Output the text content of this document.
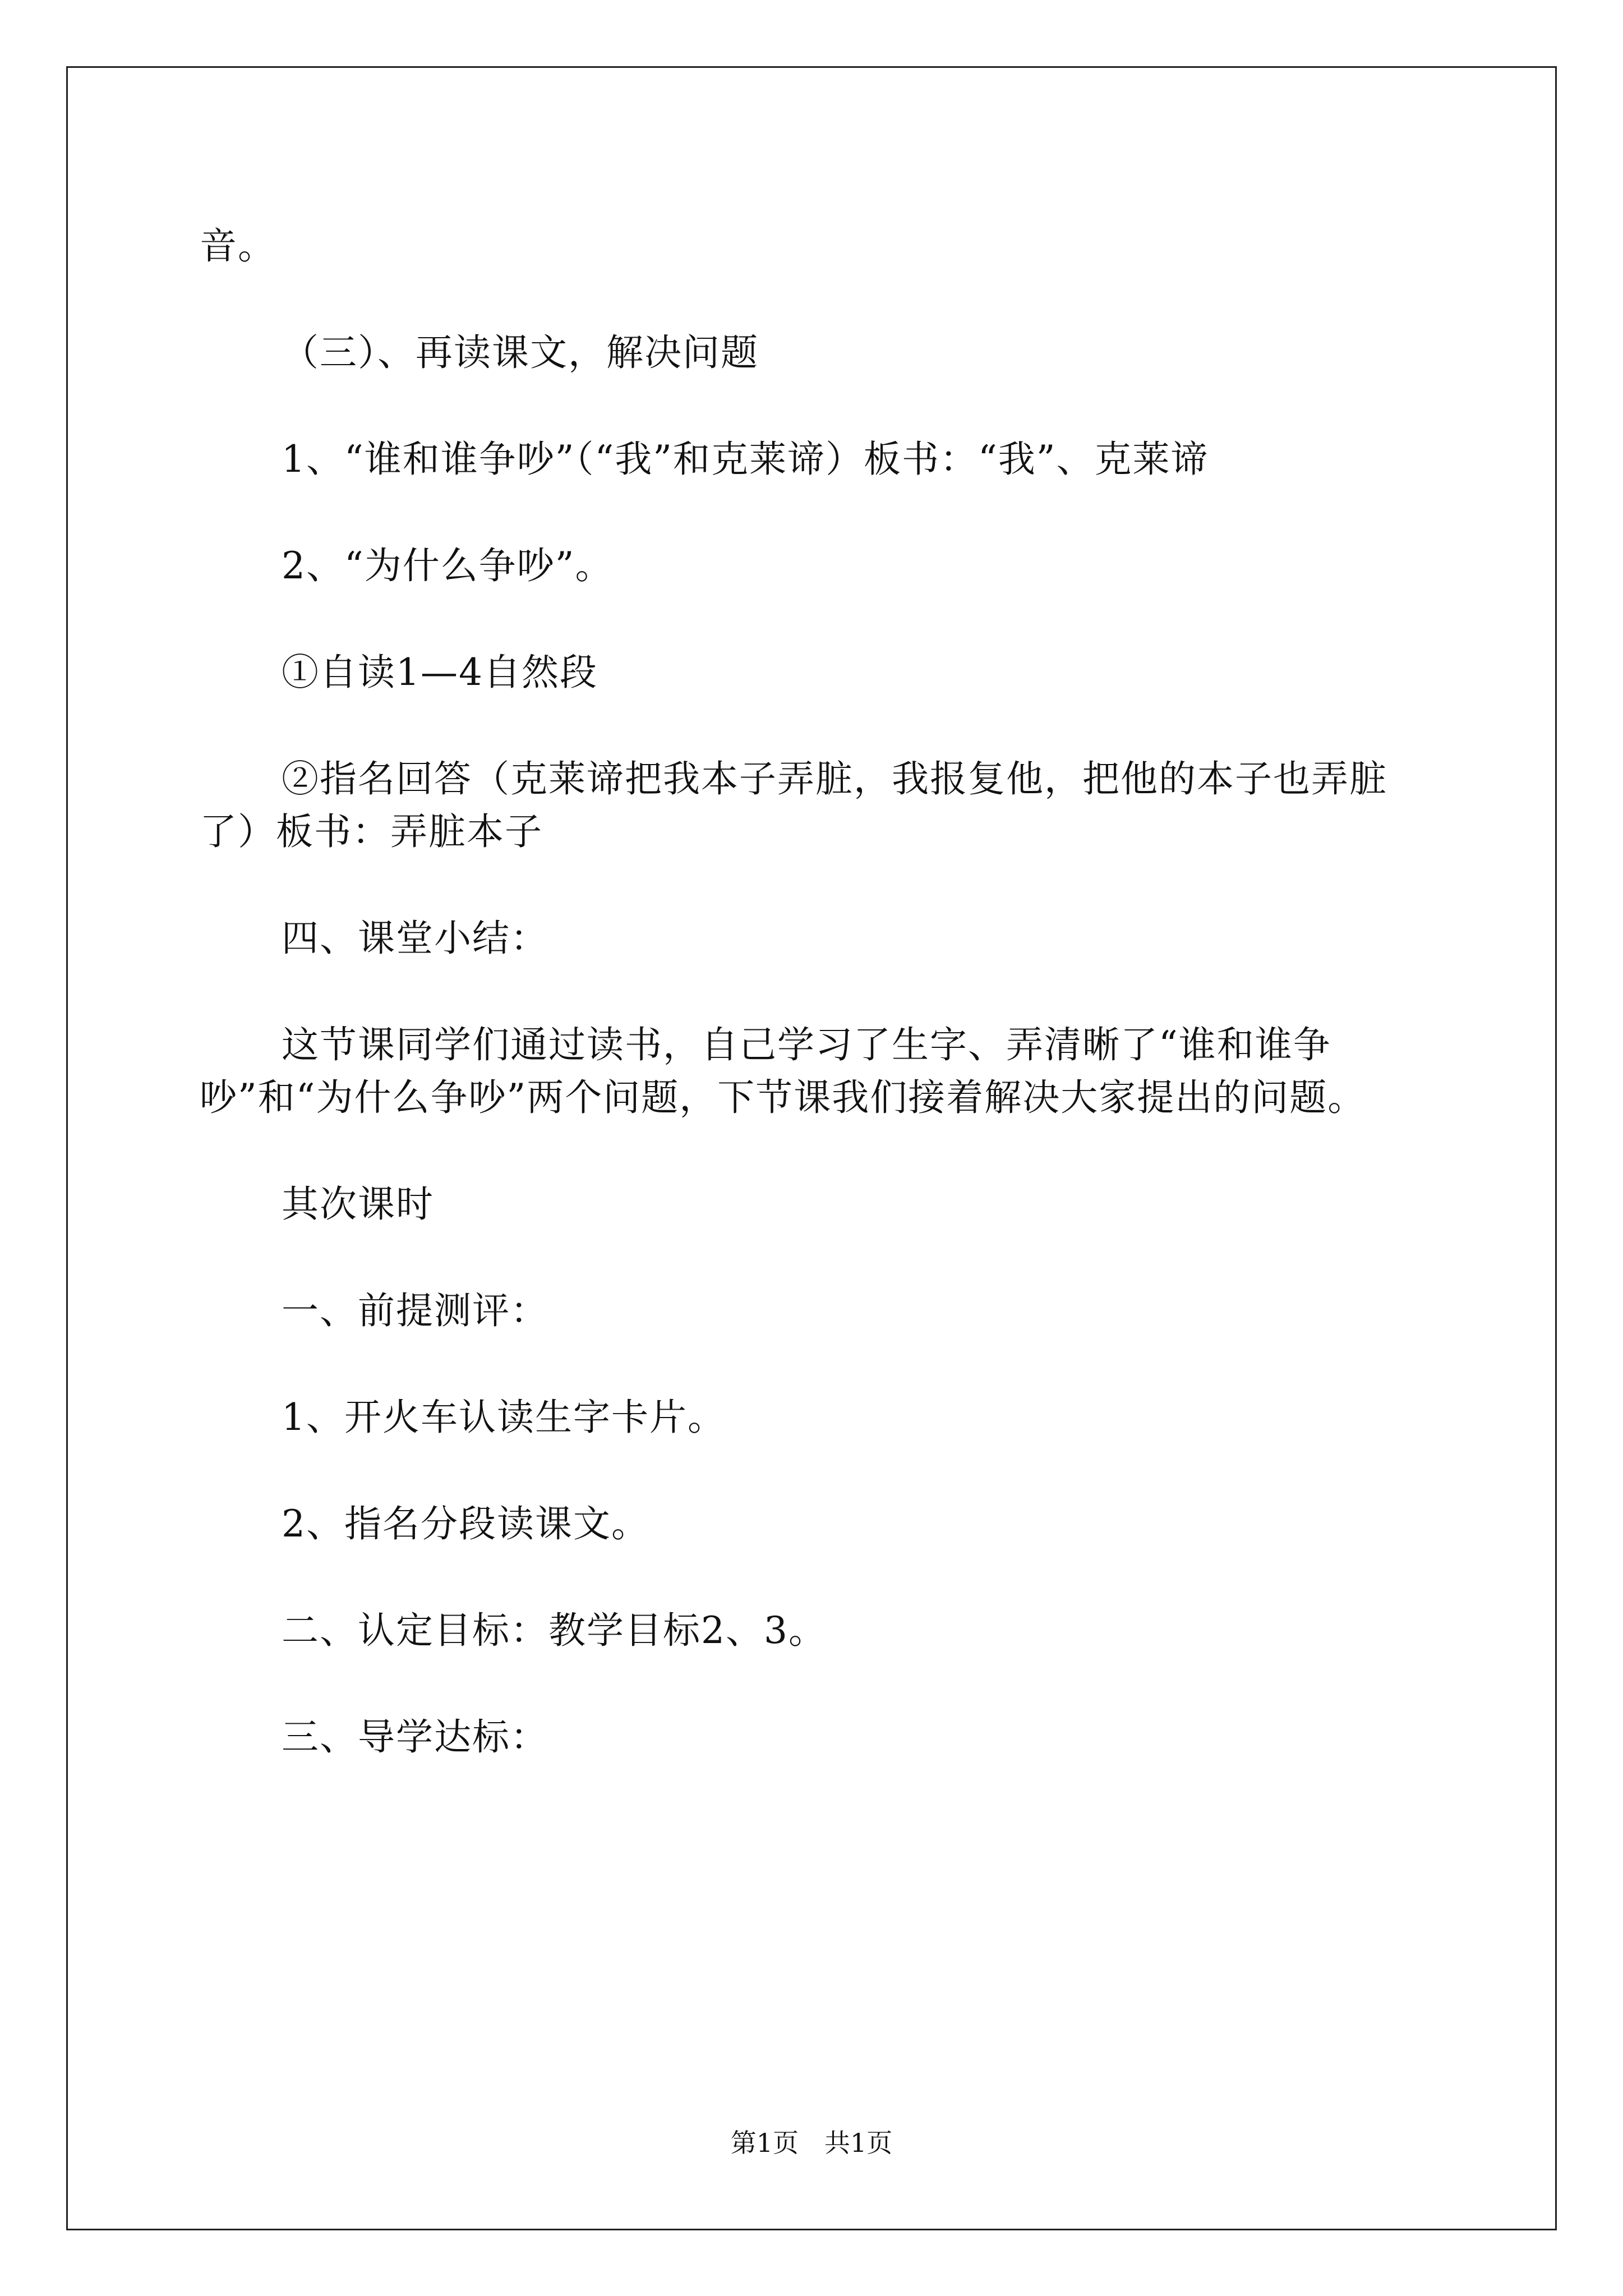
音。

（三）、再读课文，解决问题

1、“谁和谁争吵”（“我”和克莱谛）板书：“我”、克莱谛

2、“为什么争吵”。

①自读1—4自然段

②指名回答（克莱谛把我本子弄脏，我报复他，把他的本子也弄脏了）板书：弄脏本子

四、课堂小结：

这节课同学们通过读书，自己学习了生字、弄清晰了“谁和谁争吵”和“为什么争吵”两个问题，下节课我们接着解决大家提出的问题。

其次课时

一、前提测评：

1、开火车认读生字卡片。

2、指名分段读课文。

二、认定目标：教学目标2、3。

三、导学达标：

第1页　共1页
